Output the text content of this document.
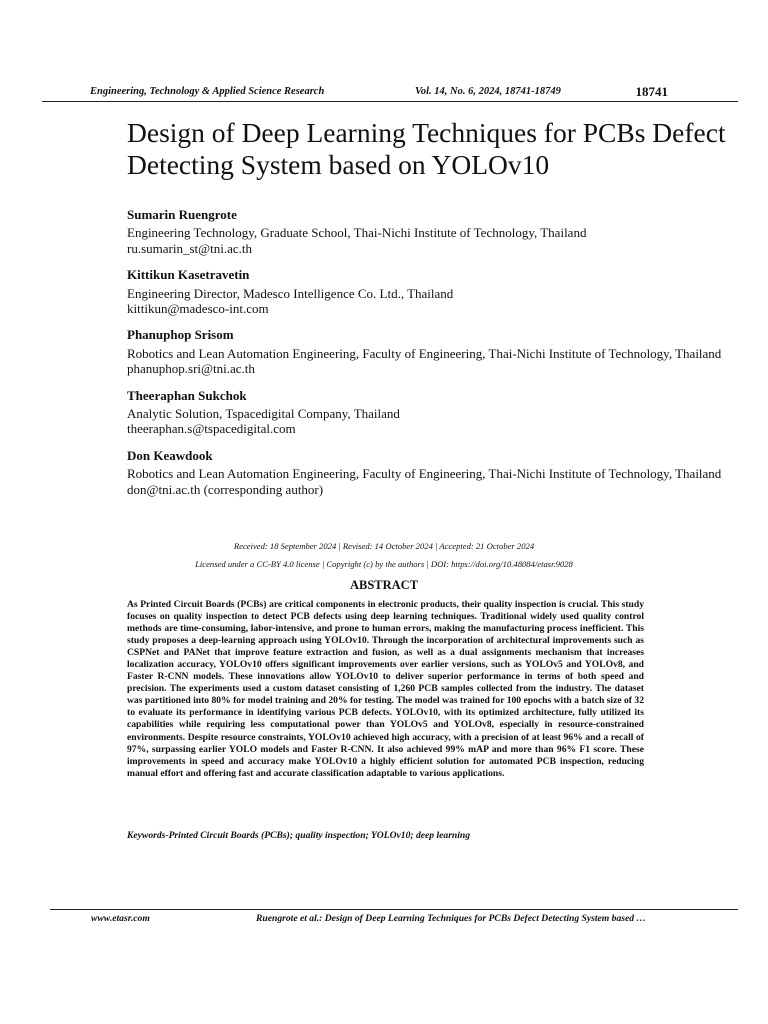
Engineering, Technology & Applied Science Research	Vol. 14, No. 6, 2024, 18741-18749	18741
Design of Deep Learning Techniques for PCBs Defect Detecting System based on YOLOv10
Sumarin Ruengrote
Engineering Technology, Graduate School, Thai-Nichi Institute of Technology, Thailand
ru.sumarin_st@tni.ac.th
Kittikun Kasetravetin
Engineering Director, Madesco Intelligence Co. Ltd., Thailand
kittikun@madesco-int.com
Phanuphop Srisom
Robotics and Lean Automation Engineering, Faculty of Engineering, Thai-Nichi Institute of Technology, Thailand
phanuphop.sri@tni.ac.th
Theeraphan Sukchok
Analytic Solution, Tspacedigital Company, Thailand
theeraphan.s@tspacedigital.com
Don Keawdook
Robotics and Lean Automation Engineering, Faculty of Engineering, Thai-Nichi Institute of Technology, Thailand
don@tni.ac.th (corresponding author)
Received: 18 September 2024 | Revised: 14 October 2024 | Accepted: 21 October 2024
Licensed under a CC-BY 4.0 license | Copyright (c) by the authors | DOI: https://doi.org/10.48084/etasr.9028
ABSTRACT

As Printed Circuit Boards (PCBs) are critical components in electronic products, their quality inspection is crucial. This study focuses on quality inspection to detect PCB defects using deep learning techniques. Traditional widely used quality control methods are time-consuming, labor-intensive, and prone to human errors, making the manufacturing process inefficient. This study proposes a deep-learning approach using YOLOv10. Through the incorporation of architectural improvements such as CSPNet and PANet that improve feature extraction and fusion, as well as a dual assignments mechanism that increases localization accuracy, YOLOv10 offers significant improvements over earlier versions, such as YOLOv5 and YOLOv8, and Faster R-CNN models. These innovations allow YOLOv10 to deliver superior performance in terms of both speed and precision. The experiments used a custom dataset consisting of 1,260 PCB samples collected from the industry. The dataset was partitioned into 80% for model training and 20% for testing. The model was trained for 100 epochs with a batch size of 32 to evaluate its performance in identifying various PCB defects. YOLOv10, with its optimized architecture, fully utilized its capabilities while requiring less computational power than YOLOv5 and YOLOv8, especially in resource-constrained environments. Despite resource constraints, YOLOv10 achieved high accuracy, with a precision of at least 96% and a recall of 97%, surpassing earlier YOLO models and Faster R-CNN. It also achieved 99% mAP and more than 96% F1 score. These improvements in speed and accuracy make YOLOv10 a highly efficient solution for automated PCB inspection, reducing manual effort and offering fast and accurate classification adaptable to various applications.

Keywords-Printed Circuit Boards (PCBs); quality inspection; YOLOv10; deep learning
www.etasr.com	Ruengrote et al.: Design of Deep Learning Techniques for PCBs Defect Detecting System based …
